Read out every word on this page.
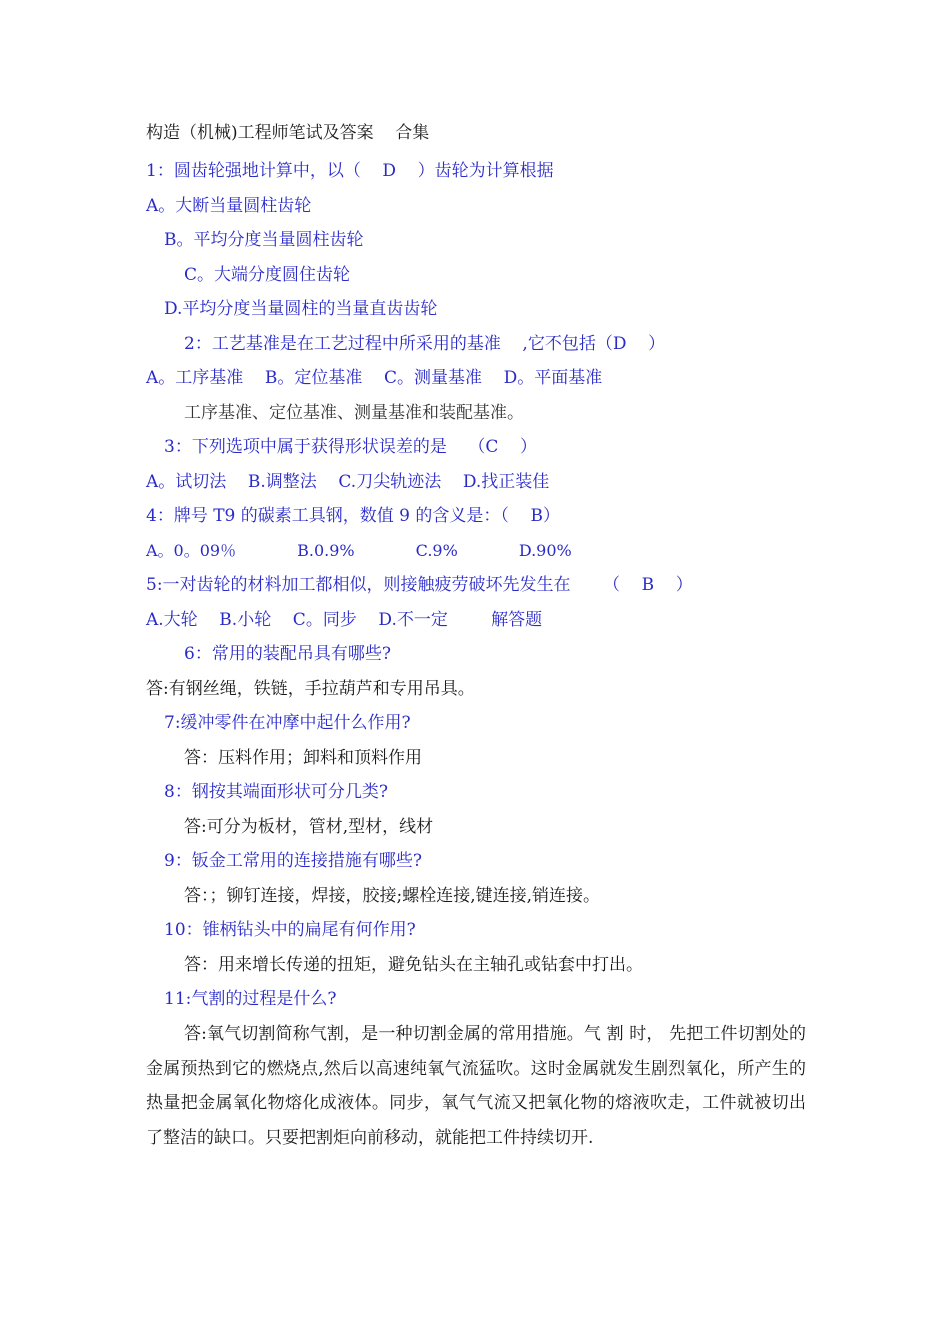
构造（机械)工程师笔试及答案    合集
1：圆齿轮强地计算中，以（    D    ）齿轮为计算根据
A。大断当量圆柱齿轮
B。平均分度当量圆柱齿轮
C。大端分度圆住齿轮
D.平均分度当量圆柱的当量直齿齿轮
2：工艺基准是在工艺过程中所采用的基准    ,它不包括（D    ）
A。工序基准    B。定位基准    C。测量基准    D。平面基准
工序基准、定位基准、测量基准和装配基准。
3：下列选项中属于获得形状误差的是    （C    ）
A。试切法    B.调整法    C.刀尖轨迹法    D.找正装佳
4：牌号 T9 的碳素工具钢，数值 9 的含义是：（    B）
A。0。09％            B.0.9%            C.9%            D.90%
5:一对齿轮的材料加工都相似，则接触疲劳破坏先发生在      （    B    ）
A.大轮    B.小轮    C。同步    D.不一定        解答题
6：常用的装配吊具有哪些?
答:有钢丝绳，铁链，手拉葫芦和专用吊具。
7:缓冲零件在冲摩中起什么作用?
答：压料作用；卸料和顶料作用
8：钢按其端面形状可分几类?
答:可分为板材，管材,型材，线材
9：钣金工常用的连接措施有哪些?
答：；铆钉连接，焊接，胶接;螺栓连接,键连接,销连接。
10：锥柄钻头中的扁尾有何作用?
答：用来增长传递的扭矩，避免钻头在主轴孔或钻套中打出。
11:气割的过程是什么?
答:氧气切割简称气割，是一种切割金属的常用措施。气 割 时， 先把工件切割处的金属预热到它的燃烧点,然后以高速纯氧气流猛吹。这时金属就发生剧烈氧化，所产生的热量把金属氧化物熔化成液体。同步，氧气气流又把氧化物的熔液吹走，工件就被切出了整洁的缺口。只要把割炬向前移动，就能把工件持续切开.
